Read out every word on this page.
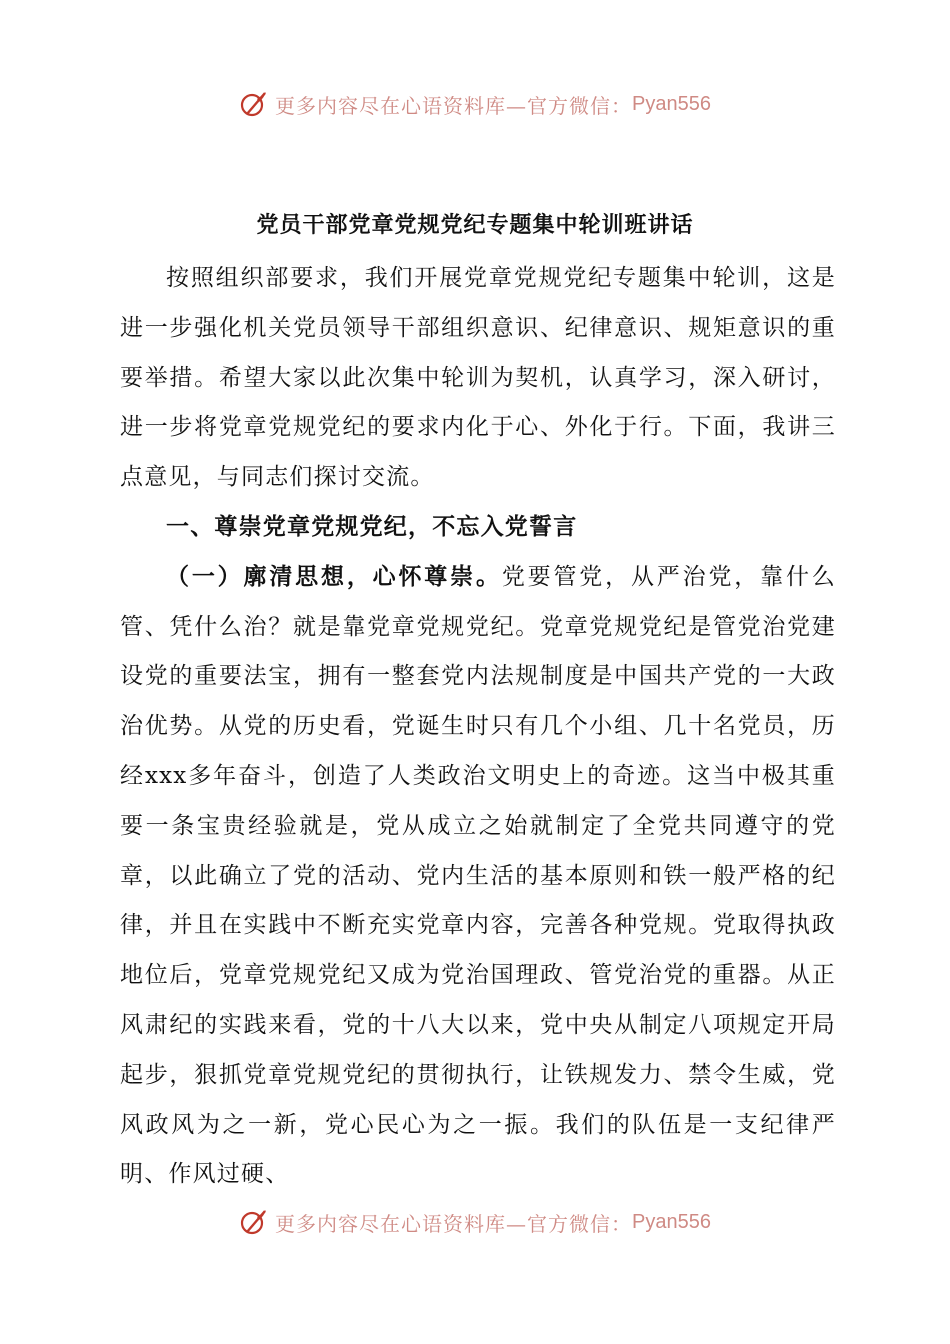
更多内容尽在心语资料库—官方微信： Pyan556
党员干部党章党规党纪专题集中轮训班讲话

按照组织部要求，我们开展党章党规党纪专题集中轮训，这是进一步强化机关党员领导干部组织意识、纪律意识、规矩意识的重要举措。希望大家以此次集中轮训为契机，认真学习，深入研讨，进一步将党章党规党纪的要求内化于心、外化于行。下面，我讲三点意见，与同志们探讨交流。

一、尊崇党章党规党纪，不忘入党誓言

（一）廓清思想，心怀尊崇。党要管党，从严治党，靠什么管、凭什么治？就是靠党章党规党纪。党章党规党纪是管党治党建设党的重要法宝，拥有一整套党内法规制度是中国共产党的一大政治优势。从党的历史看，党诞生时只有几个小组、几十名党员，历经xxx多年奋斗，创造了人类政治文明史上的奇迹。这当中极其重要一条宝贵经验就是，党从成立之始就制定了全党共同遵守的党章，以此确立了党的活动、党内生活的基本原则和铁一般严格的纪律，并且在实践中不断充实党章内容，完善各种党规。党取得执政地位后，党章党规党纪又成为党治国理政、管党治党的重器。从正风肃纪的实践来看，党的十八大以来，党中央从制定八项规定开局起步，狠抓党章党规党纪的贯彻执行，让铁规发力、禁令生威，党风政风为之一新，党心民心为之一振。我们的队伍是一支纪律严明、作风过硬、

更多内容尽在心语资料库—官方微信： Pyan556
